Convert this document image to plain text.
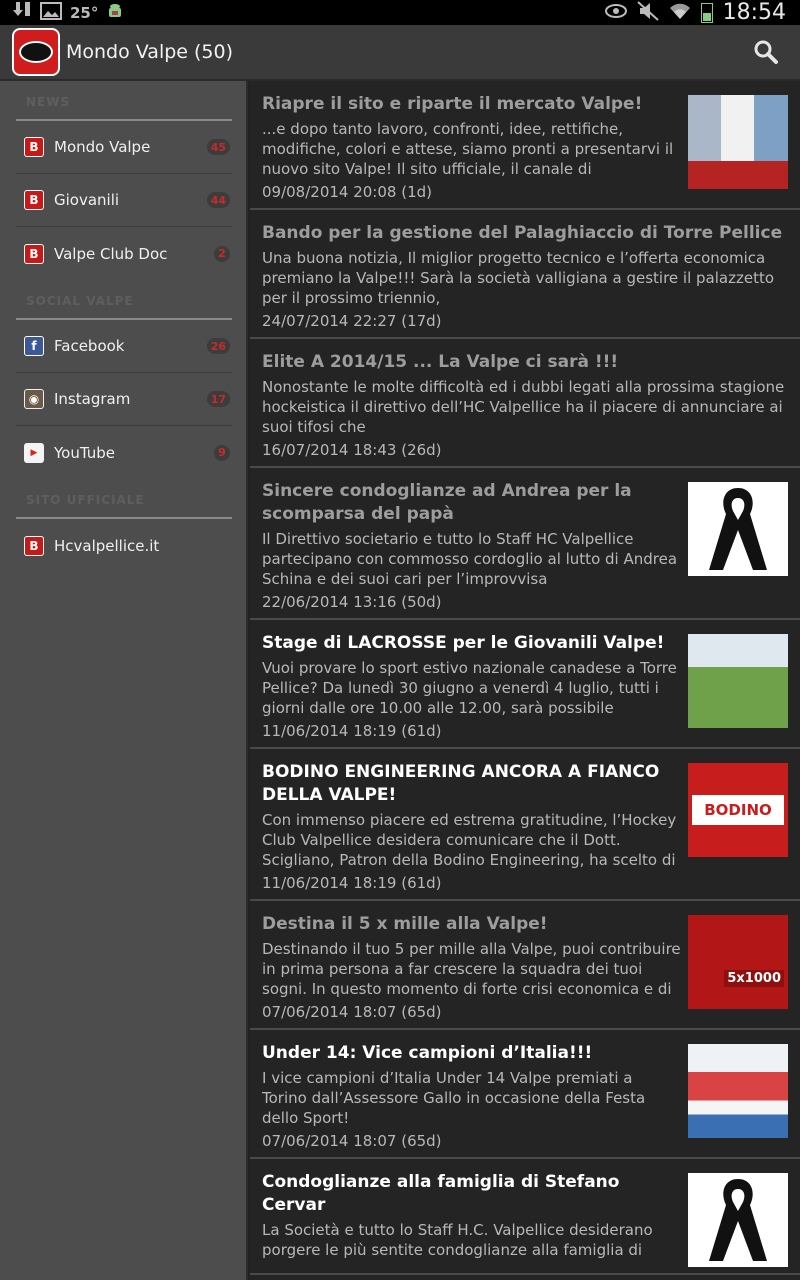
25°	18:54
Mondo Valpe (50)
NEWS
B	Mondo Valpe	45
B	Giovanili	44
B	Valpe Club Doc	2
SOCIAL VALPE
f	Facebook	26
◉ Instagram	17
▶	YouTube	9
SITO UFFICIALE
B	Hcvalpellice.it
Riapre il sito e riparte il mercato Valpe!
...e dopo tanto lavoro, confronti, idee, rettifiche, modifiche, colori e attese, siamo pronti a presentarvi il nuovo sito Valpe! Il sito ufficiale, il canale di
09/08/2014 20:08 (1d)
Bando per la gestione del Palaghiaccio di Torre Pellice
Una buona notizia, Il miglior progetto tecnico e l’offerta economica premiano la Valpe!!! Sarà la società valligiana a gestire il palazzetto per il prossimo triennio,
24/07/2014 22:27 (17d)
Elite A 2014/15 ... La Valpe ci sarà !!!
Nonostante le molte difficoltà ed i dubbi legati alla prossima stagione hockeistica il direttivo dell’HC Valpellice ha il piacere di annunciare ai suoi tifosi che
16/07/2014 18:43 (26d)
Sincere condoglianze ad Andrea per la scomparsa del papà
Il Direttivo societario e tutto lo Staff HC Valpellice partecipano con commosso cordoglio al lutto di Andrea Schina e dei suoi cari per l’improvvisa
22/06/2014 13:16 (50d)
Stage di LACROSSE per le Giovanili Valpe!
Vuoi provare lo sport estivo nazionale canadese a Torre Pellice? Da lunedì 30 giugno a venerdì 4 luglio, tutti i giorni dalle ore 10.00 alle 12.00, sarà possibile
11/06/2014 18:19 (61d)
BODINO ENGINEERING ANCORA A FIANCO DELLA VALPE!
Con immenso piacere ed estrema gratitudine, l’Hockey Club Valpellice desidera comunicare che il Dott. Scigliano, Patron della Bodino Engineering, ha scelto di
11/06/2014 18:19 (61d)
BODINO
Destina il 5 x mille alla Valpe!
Destinando il tuo 5 per mille alla Valpe, puoi contribuire in prima persona a far crescere la squadra dei tuoi sogni. In questo momento di forte crisi economica e di
07/06/2014 18:07 (65d)
5x1000
Under 14: Vice campioni d’Italia!!!
I vice campioni d’Italia Under 14 Valpe premiati a Torino dall’Assessore Gallo in occasione della Festa dello Sport!
07/06/2014 18:07 (65d)
Condoglianze alla famiglia di Stefano Cervar
La Società e tutto lo Staff H.C. Valpellice desiderano porgere le più sentite condoglianze alla famiglia di
